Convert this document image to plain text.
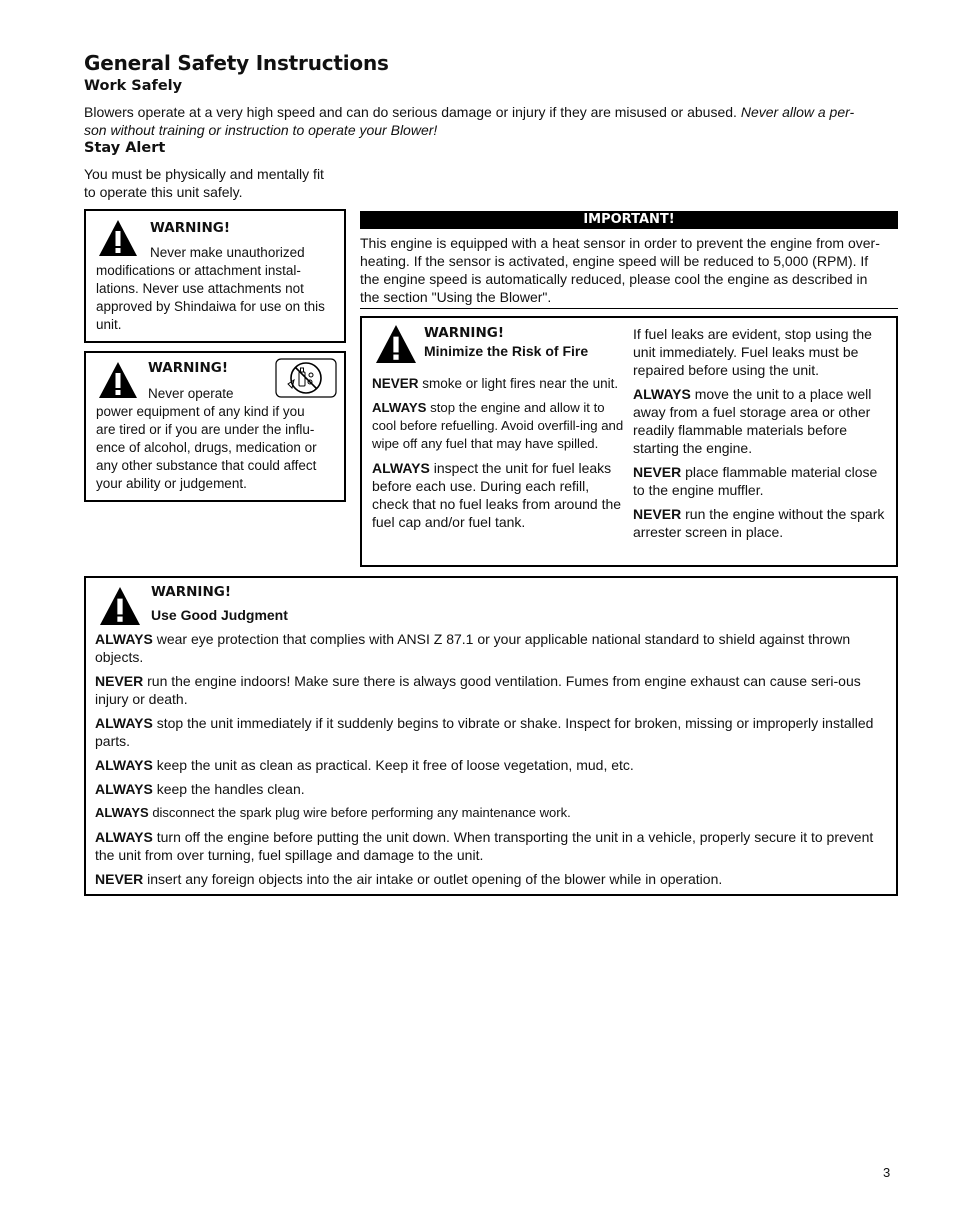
General Safety Instructions
Work Safely
Blowers operate at a very high speed and can do serious damage or injury if they are misused or abused. Never allow a per-
son without training or instruction to operate your Blower!
Stay Alert
You must be physically and mentally fit
to operate this unit safely.
WARNING!
Never make unauthorized
modifications or attachment instal-
lations. Never use attachments not
approved by Shindaiwa for use on this
unit.
WARNING!
Never operate
power equipment of any kind if you
are tired or if you are under the influ-
ence of alcohol, drugs, medication or
any other substance that could affect
your ability or judgement.
IMPORTANT!
This engine is equipped with a heat sensor in order to prevent the engine from over-
heating. If the sensor is activated, engine speed will be reduced to 5,000 (RPM). If
the engine speed is automatically reduced, please cool the engine as described in
the section "Using the Blower".
WARNING!
Minimize the Risk of Fire

NEVER smoke or light fires near the unit.

ALWAYS stop the engine and allow it to cool before refuelling. Avoid overfill-ing and wipe off any fuel that may have spilled.

ALWAYS inspect the unit for fuel leaks before each use. During each refill, check that no fuel leaks from around the fuel cap and/or fuel tank.

If fuel leaks are evident, stop using the unit immediately. Fuel leaks must be repaired before using the unit.

ALWAYS move the unit to a place well away from a fuel storage area or other readily flammable materials before starting the engine.

NEVER place flammable material close to the engine muffler.

NEVER run the engine without the spark arrester screen in place.

WARNING!
Use Good Judgment

ALWAYS wear eye protection that complies with ANSI Z 87.1 or your applicable national standard to shield against thrown objects.

NEVER run the engine indoors! Make sure there is always good ventilation. Fumes from engine exhaust can cause seri-ous injury or death.

ALWAYS stop the unit immediately if it suddenly begins to vibrate or shake. Inspect for broken, missing or improperly installed parts.

ALWAYS keep the unit as clean as practical. Keep it free of loose vegetation, mud, etc.

ALWAYS keep the handles clean.

ALWAYS disconnect the spark plug wire before performing any maintenance work.

ALWAYS turn off the engine before putting the unit down. When transporting the unit in a vehicle, properly secure it to prevent the unit from over turning, fuel spillage and damage to the unit.

NEVER insert any foreign objects into the air intake or outlet opening of the blower while in operation.

3
